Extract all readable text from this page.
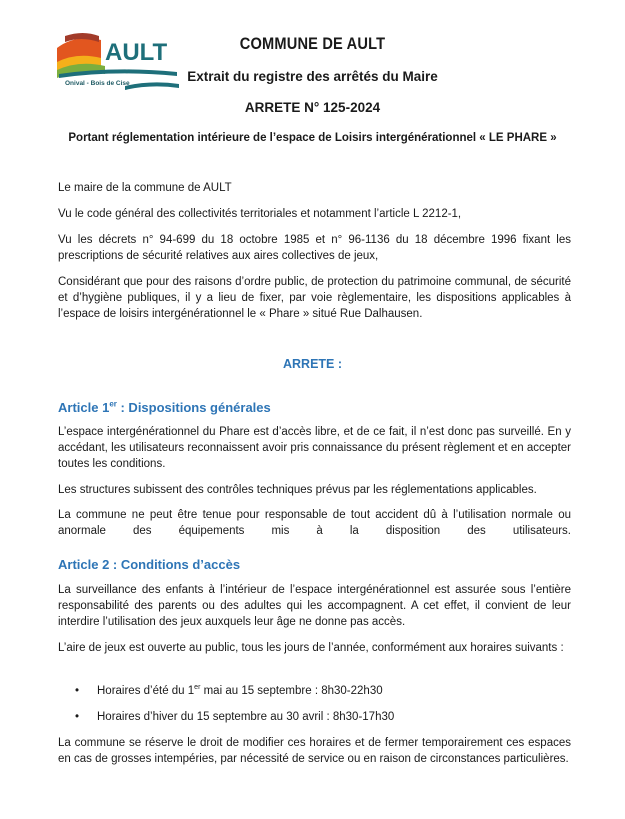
AULT
Onival - Bois de Cise
COMMUNE DE AULT
Extrait du registre des arrêtés du Maire
ARRETE N° 125-2024
Portant réglementation intérieure de l’espace de Loisirs intergénérationnel « LE PHARE »

Le maire de la commune de AULT

Vu le code général des collectivités territoriales et notamment l’article L 2212-1,

Vu les décrets n° 94-699 du 18 octobre 1985 et n° 96-1136 du 18 décembre 1996 fixant les prescriptions de sécurité relatives aux aires collectives de jeux,

Considérant que pour des raisons d’ordre public, de protection du patrimoine communal, de sécurité et d’hygiène publiques, il y a lieu de fixer, par voie règlementaire, les dispositions applicables à l’espace de loisirs intergénérationnel le « Phare » situé Rue Dalhausen.

ARRETE :
Article 1er : Dispositions générales

L’espace intergénérationnel du Phare est d’accès libre, et de ce fait, il n’est donc pas surveillé. En y accédant, les utilisateurs reconnaissent avoir pris connaissance du présent règlement et en accepter toutes les conditions.

Les structures subissent des contrôles techniques prévus par les réglementations applicables.

La commune ne peut être tenue pour responsable de tout accident dû à l’utilisation normale ou anormale des équipements mis à la disposition des utilisateurs.

Article 2 : Conditions d’accès

La surveillance des enfants à l’intérieur de l’espace intergénérationnel est assurée sous l’entière responsabilité des parents ou des adultes qui les accompagnent. A cet effet, il convient de leur interdire l’utilisation des jeux auxquels leur âge ne donne pas accès.

L’aire de jeux est ouverte au public, tous les jours de l’année, conformément aux horaires suivants :

• Horaires d’été du 1er mai au 15 septembre : 8h30-22h30
• Horaires d’hiver du 15 septembre au 30 avril : 8h30-17h30

La commune se réserve le droit de modifier ces horaires et de fermer temporairement ces espaces en cas de grosses intempéries, par nécessité de service ou en raison de circonstances particulières.
